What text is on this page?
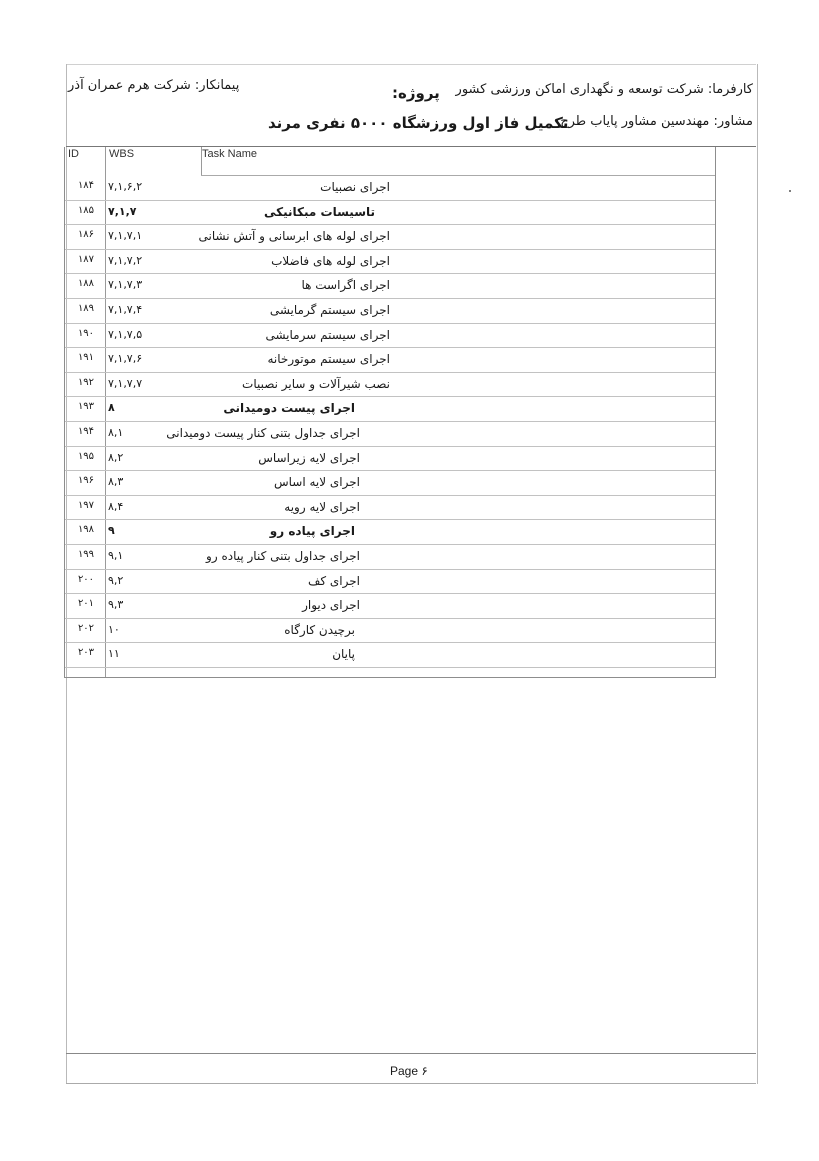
کارفرما: شرکت توسعه و نگهداری اماکن ورزشی کشور
پروژه:
پیمانکار: شرکت هرم عمران آذر
مشاور: مهندسین مشاور پایاب طرح
تکمیل فاز اول ورزشگاه ۵۰۰۰ نفری مرند
ID	WBS	Task Name
۱۸۴	۷,۱,۶,۲	اجرای نصبیات
۱۸۵	۷,۱,۷	تاسیسات مبکانیکی
۱۸۶	۷,۱,۷,۱	اجرای لوله های ابرسانی و آتش نشانی
۱۸۷	۷,۱,۷,۲	اجرای لوله های فاضلاب
۱۸۸	۷,۱,۷,۳	اجرای اگراست ها
۱۸۹	۷,۱,۷,۴	اجرای سیستم گرمایشی
۱۹۰	۷,۱,۷,۵	اجرای سیستم سرمایشی
۱۹۱	۷,۱,۷,۶	اجرای سیستم موتورخانه
۱۹۲	۷,۱,۷,۷	نصب شیرآلات و سایر نصبیات
۱۹۳	۸	اجرای پیست دومیدانی
۱۹۴	۸,۱	اجرای جداول بتنی کنار پیست دومیدانی
۱۹۵	۸,۲	اجرای لایه زیراساس
۱۹۶	۸,۳	اجرای لایه اساس
۱۹۷	۸,۴	اجرای لایه رویه
۱۹۸	۹	اجرای پیاده رو
۱۹۹	۹,۱	اجرای جداول بتنی کنار پیاده رو
۲۰۰	۹,۲	اجرای کف
۲۰۱	۹,۳	اجرای دیوار
۲۰۲	۱۰	برچیدن کارگاه
۲۰۳	۱۱	پایان
Page ۶
